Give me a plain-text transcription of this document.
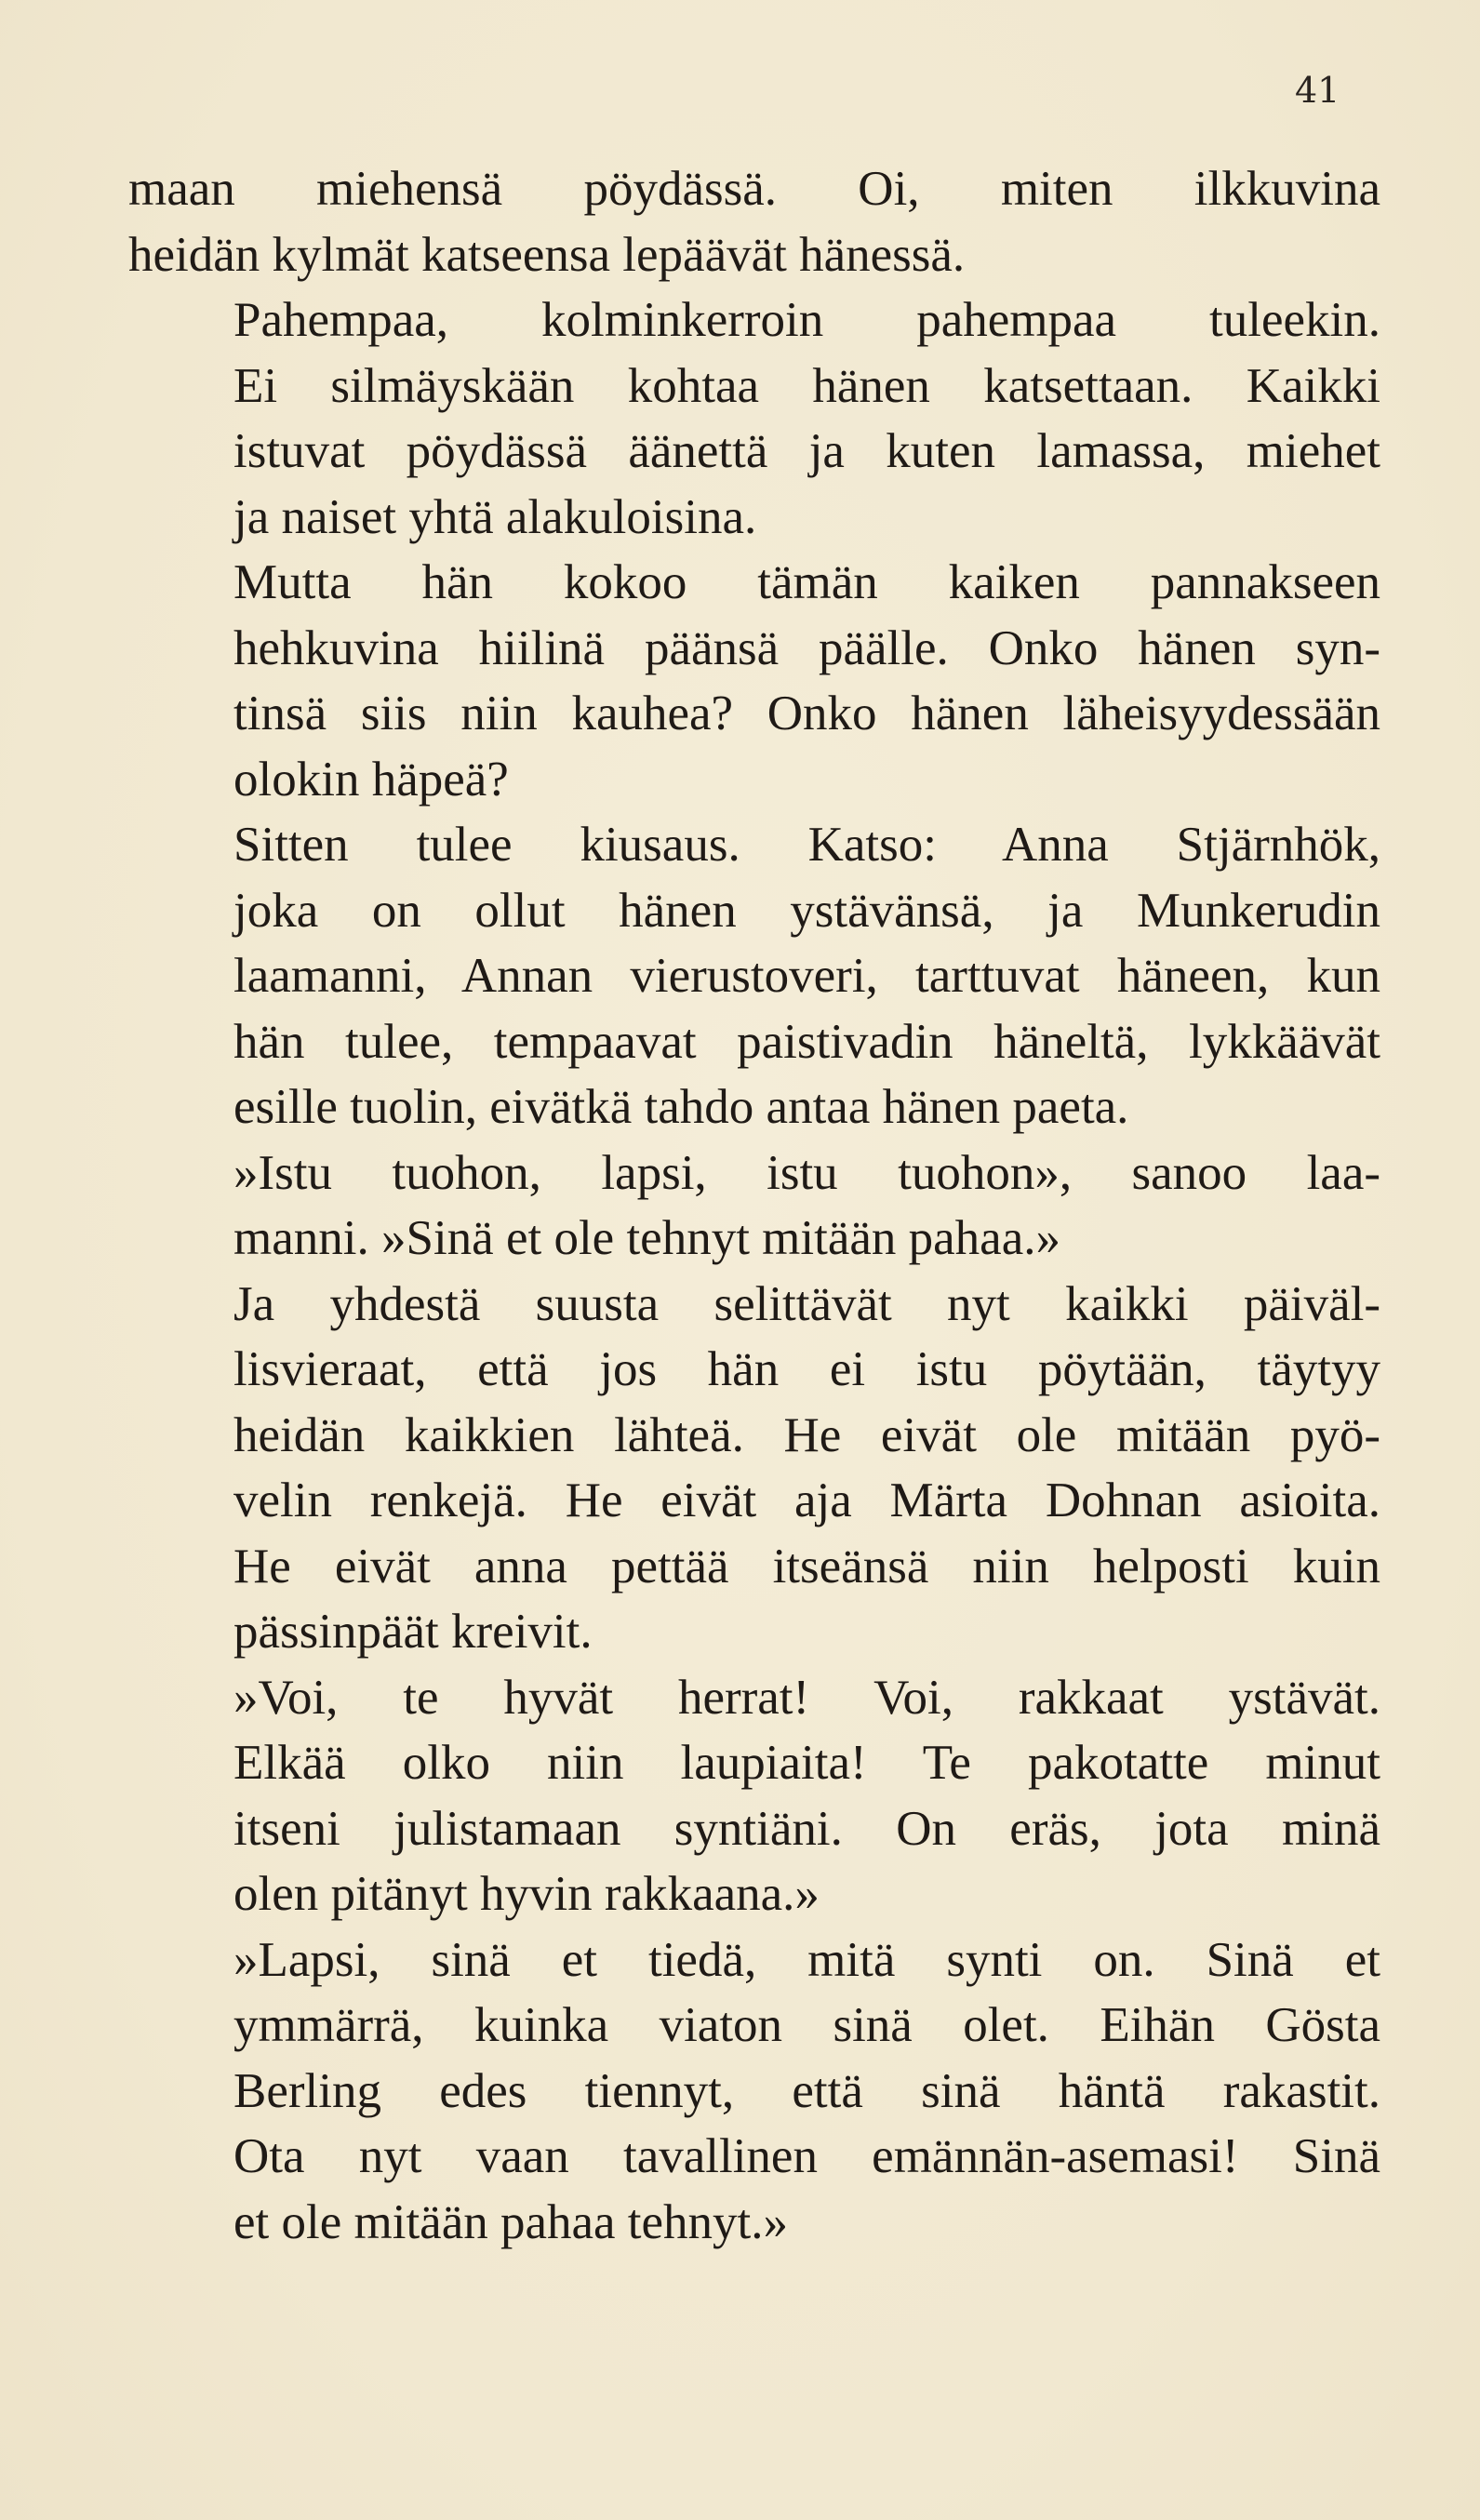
41

maan miehensä pöydässä. Oi, miten ilkkuvina
heidän kylmät katseensa lepäävät hänessä.

Pahempaa, kolminkerroin pahempaa tuleekin.
Ei silmäyskään kohtaa hänen katsettaan. Kaikki
istuvat pöydässä äänettä ja kuten lamassa, miehet
ja naiset yhtä alakuloisina.

Mutta hän kokoo tämän kaiken pannakseen
hehkuvina hiilinä päänsä päälle. Onko hänen syn-
tinsä siis niin kauhea? Onko hänen läheisyydessään
olokin häpeä?

Sitten tulee kiusaus. Katso: Anna Stjärnhök,
joka on ollut hänen ystävänsä, ja Munkerudin
laamanni, Annan vierustoveri, tarttuvat häneen, kun
hän tulee, tempaavat paistivadin häneltä, lykkäävät
esille tuolin, eivätkä tahdo antaa hänen paeta.

»Istu tuohon, lapsi, istu tuohon», sanoo laa-
manni. »Sinä et ole tehnyt mitään pahaa.»

Ja yhdestä suusta selittävät nyt kaikki päiväl-
lisvieraat, että jos hän ei istu pöytään, täytyy
heidän kaikkien lähteä. He eivät ole mitään pyö-
velin renkejä. He eivät aja Märta Dohnan asioita.
He eivät anna pettää itseänsä niin helposti kuin
pässinpäät kreivit.

»Voi, te hyvät herrat! Voi, rakkaat ystävät.
Elkää olko niin laupiaita! Te pakotatte minut
itseni julistamaan syntiäni. On eräs, jota minä
olen pitänyt hyvin rakkaana.»

»Lapsi, sinä et tiedä, mitä synti on. Sinä et
ymmärrä, kuinka viaton sinä olet. Eihän Gösta
Berling edes tiennyt, että sinä häntä rakastit.
Ota nyt vaan tavallinen emännän-asemasi! Sinä
et ole mitään pahaa tehnyt.»
